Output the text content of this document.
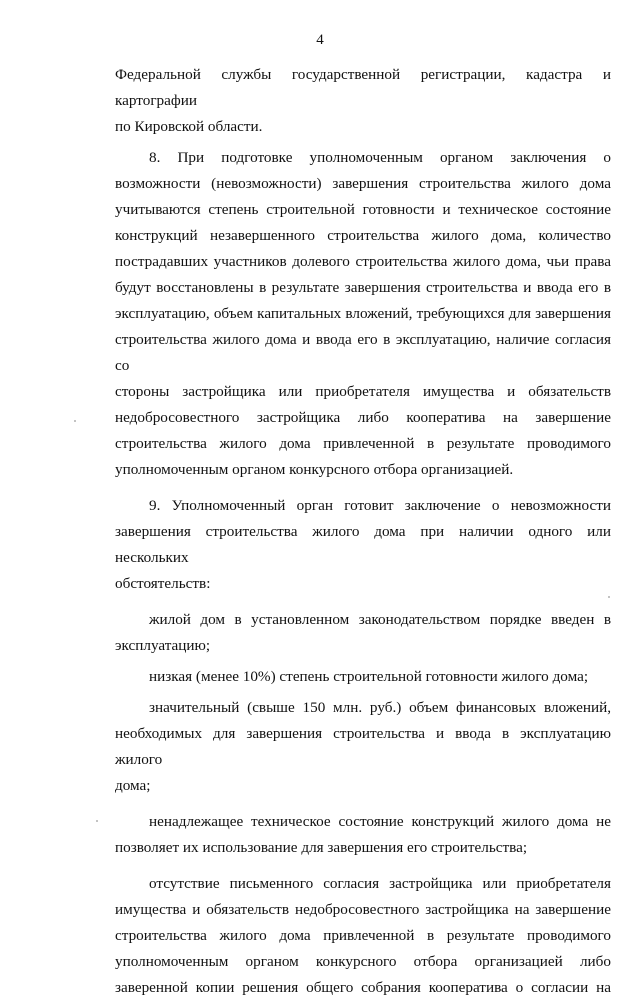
4

Федеральной службы государственной регистрации, кадастра и картографии

по Кировской области.

8.   При   подготовке   уполномоченным   органом   заключения   о

возможности (невозможности) завершения строительства жилого дома

учитываются степень строительной готовности и техническое состояние

конструкций незавершенного строительства жилого дома, количество

пострадавших участников долевого строительства жилого дома, чьи права

будут восстановлены в результате завершения строительства и ввода его в

эксплуатацию, объем капитальных вложений, требующихся для завершения

строительства жилого дома и ввода его в эксплуатацию, наличие согласия со

стороны застройщика или приобретателя имущества и обязательств

недобросовестного застройщика либо кооператива на завершение

строительства жилого дома привлеченной в результате проводимого

уполномоченным органом конкурсного отбора организацией.

9. Уполномоченный орган готовит заключение о невозможности

завершения строительства жилого дома при наличии одного или нескольких

обстоятельств:

жилой дом в установленном законодательством порядке введен в

эксплуатацию;

низкая (менее 10%) степень строительной готовности жилого дома;

значительный (свыше 150 млн. руб.) объем финансовых вложений,

необходимых для завершения строительства и ввода в эксплуатацию жилого

дома;

ненадлежащее техническое состояние конструкций жилого дома не

позволяет их использование для завершения его строительства;

отсутствие письменного согласия застройщика или приобретателя

имущества и обязательств недобросовестного застройщика на завершение

строительства жилого дома привлеченной в результате проводимого

уполномоченным органом конкурсного отбора организацией либо

заверенной копии решения общего собрания кооператива о согласии на
